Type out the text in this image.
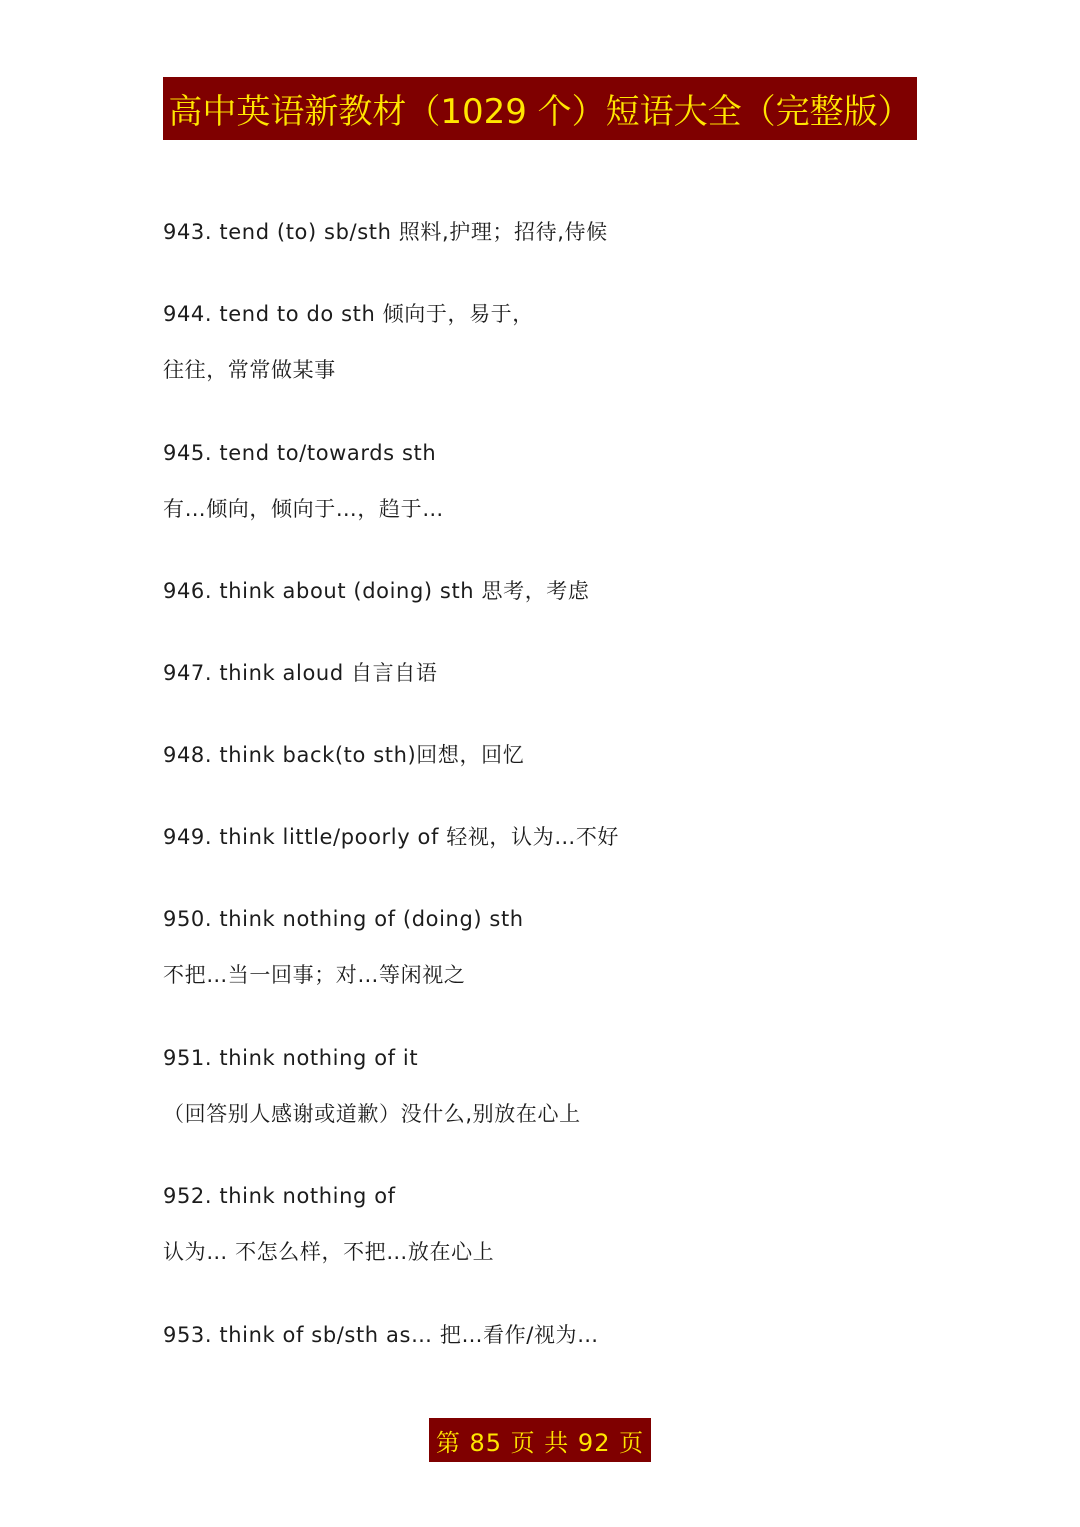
高中英语新教材（1029 个）短语大全（完整版）
943. tend (to) sb/sth 照料,护理；招待,侍候
944. tend to do sth 倾向于，易于，
往往，常常做某事
945. tend to/towards sth
有…倾向，倾向于…，趋于…
946. think about (doing) sth 思考，考虑
947. think aloud 自言自语
948. think back(to sth)回想，回忆
949. think little/poorly of 轻视，认为…不好
950. think nothing of (doing) sth
不把…当一回事；对…等闲视之
951. think nothing of it
（回答别人感谢或道歉）没什么,别放在心上
952. think nothing of
认为… 不怎么样，不把…放在心上
953. think of sb/sth as… 把…看作/视为…
第 85 页 共 92 页
